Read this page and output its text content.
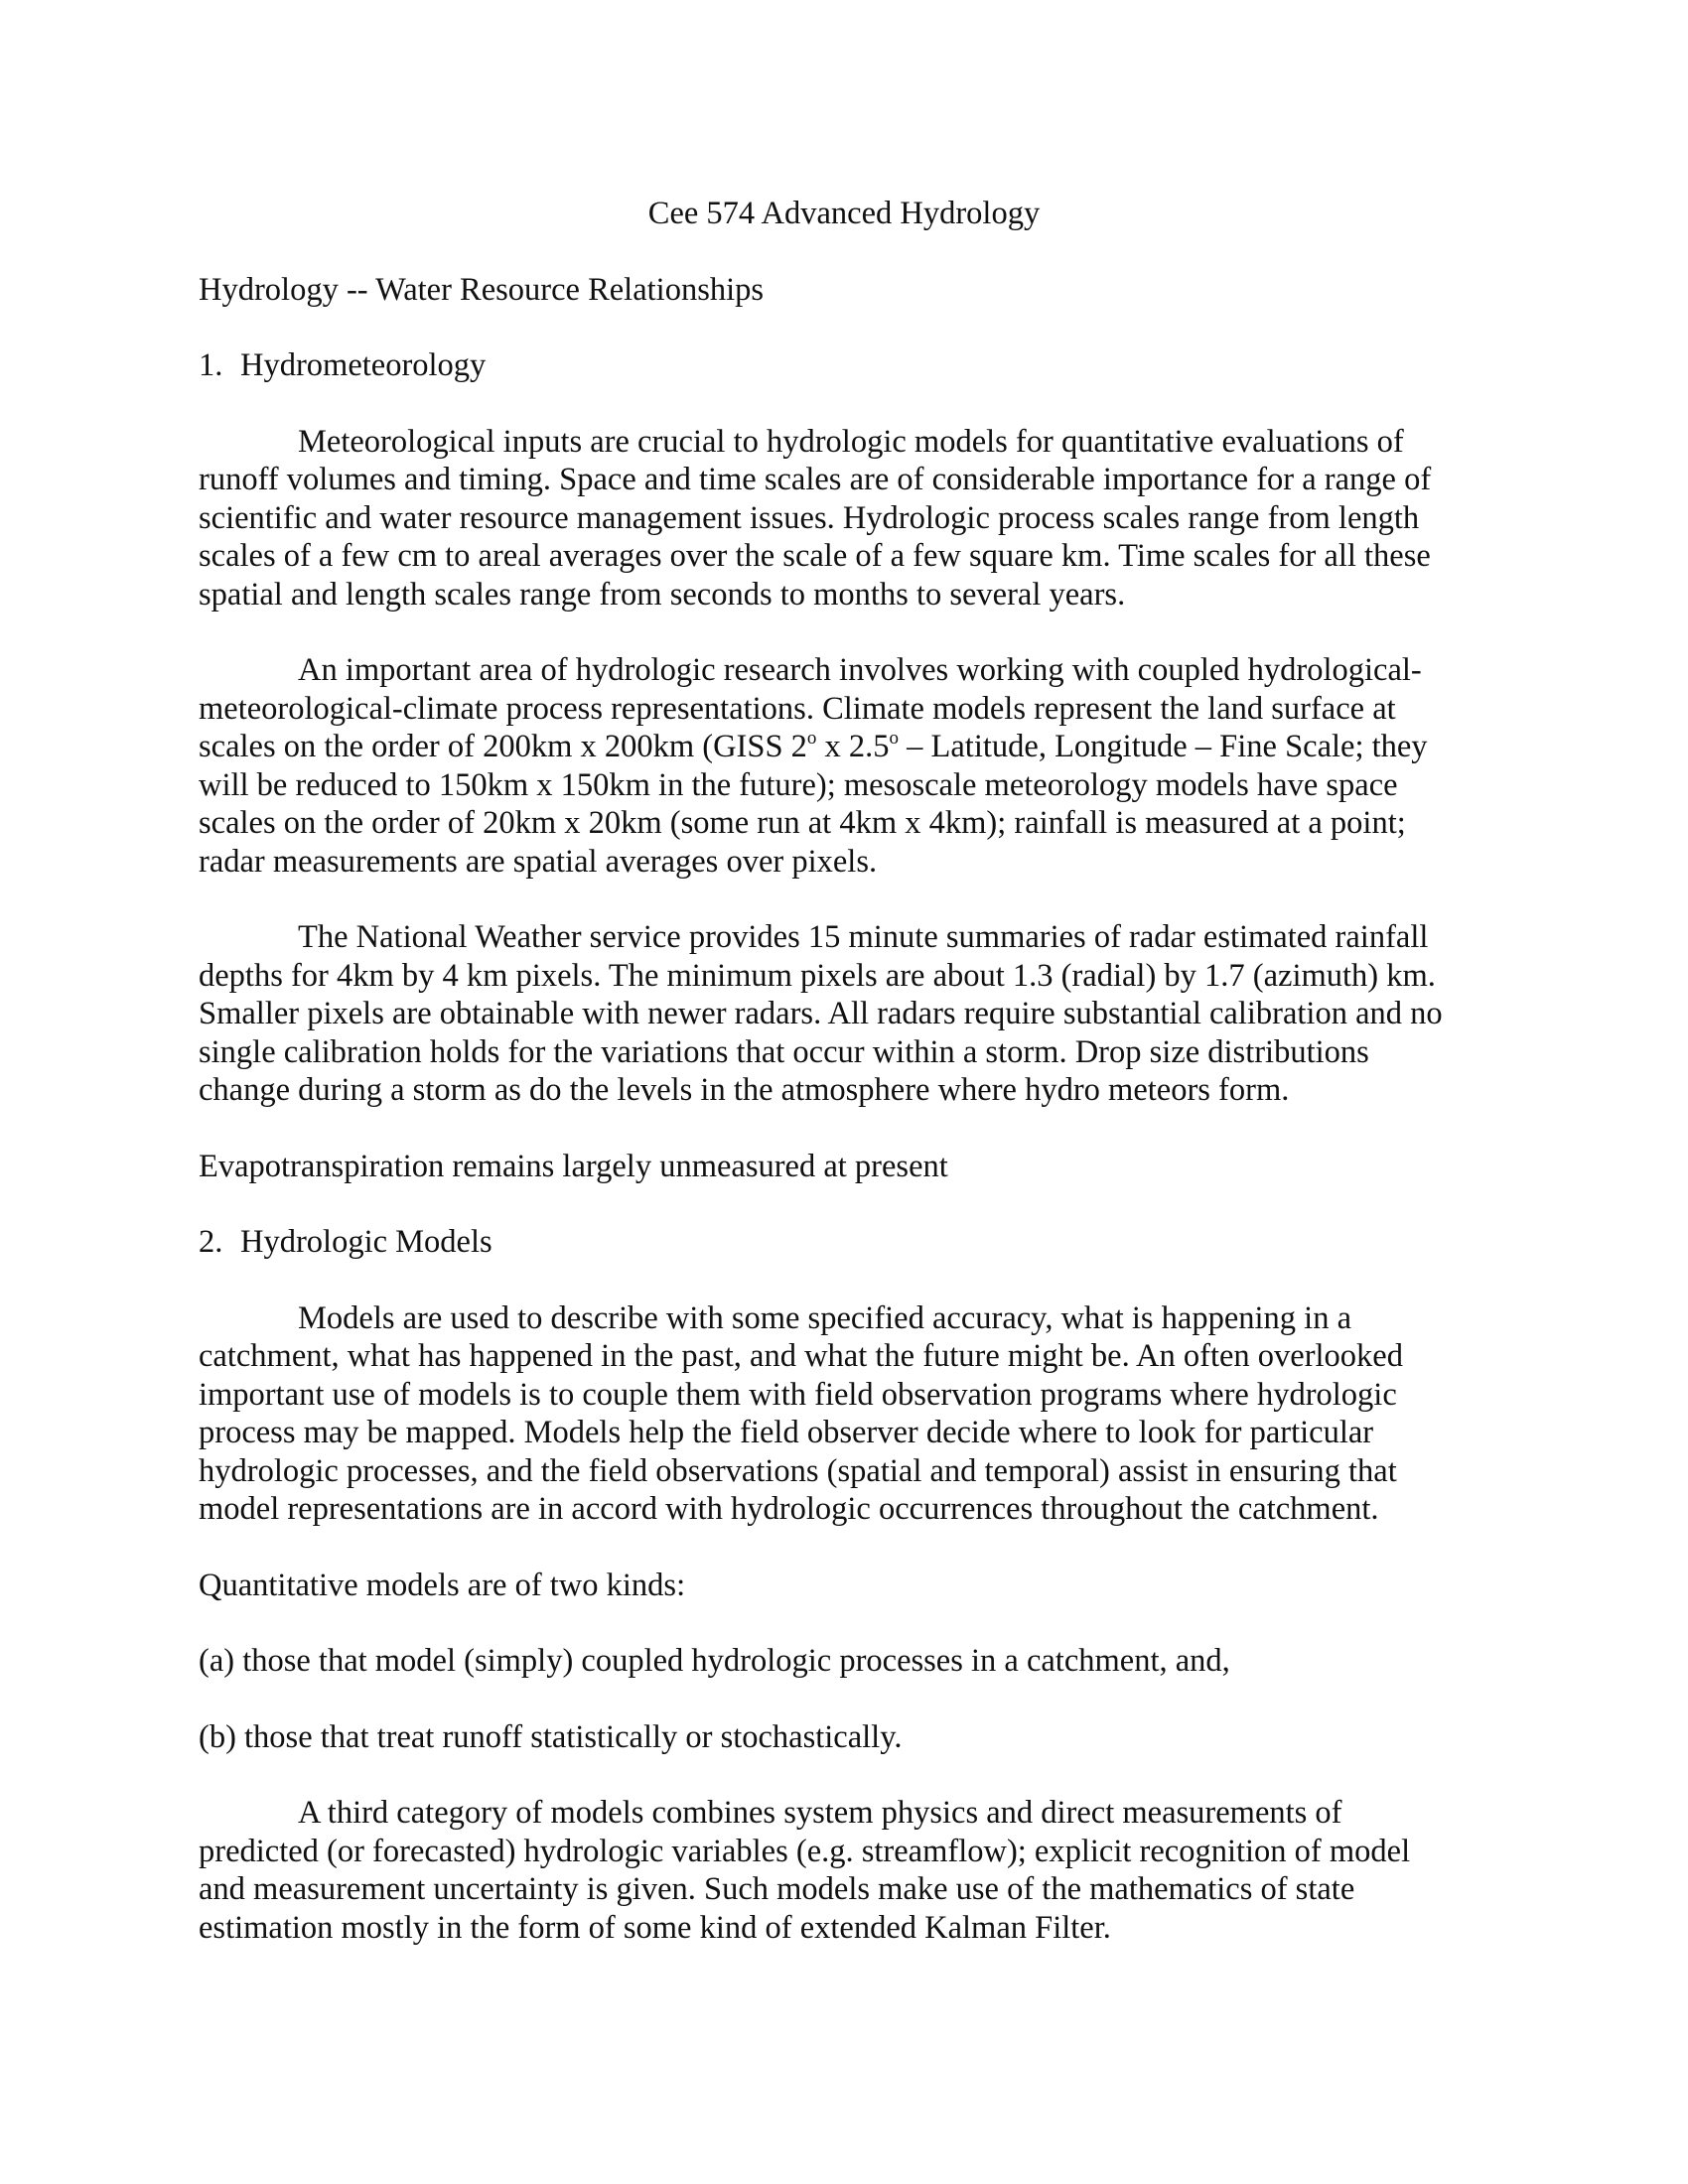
Cee 574 Advanced Hydrology
Hydrology -- Water Resource Relationships
1. Hydrometeorology

Meteorological inputs are crucial to hydrologic models for quantitative evaluations of
runoff volumes and timing. Space and time scales are of considerable importance for a range of
scientific and water resource management issues. Hydrologic process scales range from length
scales of a few cm to areal averages over the scale of a few square km. Time scales for all these
spatial and length scales range from seconds to months to several years.

An important area of hydrologic research involves working with coupled hydrological-
meteorological-climate process representations. Climate models represent the land surface at
scales on the order of 200km x 200km (GISS 2$^o$ x 2.5$^o$ – Latitude, Longitude – Fine Scale; they
will be reduced to 150km x 150km in the future); mesoscale meteorology models have space
scales on the order of 20km x 20km (some run at 4km x 4km); rainfall is measured at a point;
radar measurements are spatial averages over pixels.

The National Weather service provides 15 minute summaries of radar estimated rainfall
depths for 4km by 4 km pixels. The minimum pixels are about 1.3 (radial) by 1.7 (azimuth) km.
Smaller pixels are obtainable with newer radars. All radars require substantial calibration and no
single calibration holds for the variations that occur within a storm. Drop size distributions
change during a storm as do the levels in the atmosphere where hydro meteors form.

Evapotranspiration remains largely unmeasured at present
2. Hydrologic Models

Models are used to describe with some specified accuracy, what is happening in a
catchment, what has happened in the past, and what the future might be. An often overlooked
important use of models is to couple them with field observation programs where hydrologic
process may be mapped. Models help the field observer decide where to look for particular
hydrologic processes, and the field observations (spatial and temporal) assist in ensuring that
model representations are in accord with hydrologic occurrences throughout the catchment.

Quantitative models are of two kinds:
(a) those that model (simply) coupled hydrologic processes in a catchment, and,
(b) those that treat runoff statistically or stochastically.

A third category of models combines system physics and direct measurements of
predicted (or forecasted) hydrologic variables (e.g. streamflow); explicit recognition of model
and measurement uncertainty is given. Such models make use of the mathematics of state
estimation mostly in the form of some kind of extended Kalman Filter.
